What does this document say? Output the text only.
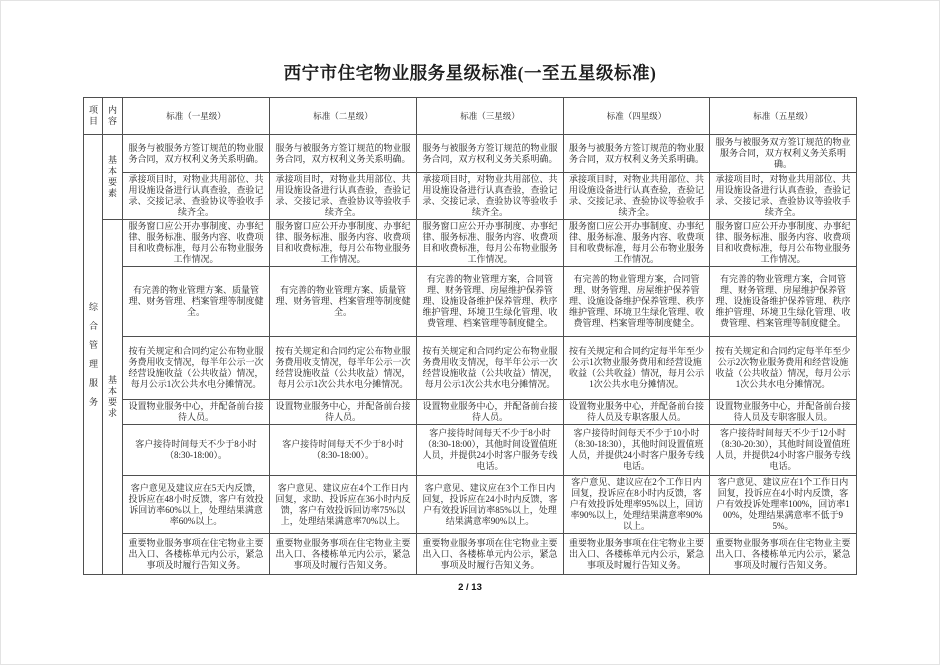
西宁市住宅物业服务星级标准(一至五星级标准)
项目	内容	标准（一星级）	标准（二星级）	标准（三星级）	标准（四星级）	标准（五星级）
综合管理服务	基本要素	服务与被服务方签订规范的物业服务合同，双方权利义务关系明确。	服务与被服务方签订规范的物业服务合同，双方权利义务关系明确。	服务与被服务方签订规范的物业服务合同，双方权利义务关系明确。	服务与被服务方签订规范的物业服务合同，双方权利义务关系明确。	服务与被服务双方签订规范的物业服务合同，双方权利义务关系明确。
		承接项目时，对物业共用部位、共用设施设备进行认真查验，查验记录、交接记录、查验协议等验收手续齐全。	承接项目时，对物业共用部位、共用设施设备进行认真查验，查验记录、交接记录、查验协议等验收手续齐全。	承接项目时，对物业共用部位、共用设施设备进行认真查验，查验记录、交接记录、查验协议等验收手续齐全。	承接项目时，对物业共用部位、共用设施设备进行认真查验，查验记录、交接记录、查验协议等验收手续齐全。	承接项目时，对物业共用部位、共用设施设备进行认真查验，查验记录、交接记录、查验协议等验收手续齐全。
	基本要求	服务窗口应公开办事制度、办事纪律、服务标准、服务内容、收费项目和收费标准，每月公布物业服务工作情况。	服务窗口应公开办事制度、办事纪律、服务标准、服务内容、收费项目和收费标准，每月公布物业服务工作情况。	服务窗口应公开办事制度、办事纪律、服务标准、服务内容、收费项目和收费标准，每月公布物业服务工作情况。	服务窗口应公开办事制度、办事纪律、服务标准、服务内容、收费项目和收费标准，每月公布物业服务工作情况。	服务窗口应公开办事制度、办事纪律、服务标准、服务内容、收费项目和收费标准，每月公布物业服务工作情况。
		有完善的物业管理方案、质量管理、财务管理、档案管理等制度健全。	有完善的物业管理方案、质量管理、财务管理、档案管理等制度健全。	有完善的物业管理方案，合同管理、财务管理、房屋维护保养管理、设施设备维护保养管理、秩序维护管理、环境卫生绿化管理、收费管理、档案管理等制度健全。	有完善的物业管理方案，合同管理、财务管理、房屋维护保养管理、设施设备维护保养管理、秩序维护管理、环境卫生绿化管理、收费管理、档案管理等制度健全。	有完善的物业管理方案，合同管理、财务管理、房屋维护保养管理、设施设备维护保养管理、秩序维护管理、环境卫生绿化管理、收费管理、档案管理等制度健全。
		按有关规定和合同约定公布物业服务费用收支情况，每半年公示一次经营设施收益（公共收益）情况，每月公示1次公共水电分摊情况。	按有关规定和合同约定公布物业服务费用收支情况，每半年公示一次经营设施收益（公共收益）情况，每月公示1次公共水电分摊情况。	按有关规定和合同约定公布物业服务费用收支情况，每半年公示一次经营设施收益（公共收益）情况，每月公示1次公共水电分摊情况。	按有关规定和合同约定每半年至少公示1次物业服务费用和经营设施收益（公共收益）情况，每月公示1次公共水电分摊情况。	按有关规定和合同约定每半年至少公示2次物业服务费用和经营设施收益（公共收益）情况，每月公示1次公共水电分摊情况。
		设置物业服务中心，并配备前台接待人员。	设置物业服务中心，并配备前台接待人员。	设置物业服务中心，并配备前台接待人员。	设置物业服务中心，并配备前台接待人员及专职客服人员。	设置物业服务中心，并配备前台接待人员及专职客服人员。
		客户接待时间每天不少于8小时（8:30-18:00）。	客户接待时间每天不少于8小时（8:30-18:00）。	客户接待时间每天不少于8小时（8:30-18:00），其他时间设置值班人员，并提供24小时客户服务专线电话。	客户接待时间每天不少于10小时（8:30-18:30），其他时间设置值班人员，并提供24小时客户服务专线电话。	客户接待时间每天不少于12小时（8:30-20:30），其他时间设置值班人员，并提供24小时客户服务专线电话。
		客户意见及建议应在5天内反馈，投诉应在48小时反馈，客户有效投诉回访率60%以上，处理结果满意率60%以上。	客户意见、建议应在4个工作日内回复，求助、投诉应在36小时内反馈，客户有效投诉回访率75%以上，处理结果满意率70%以上。	客户意见、建议应在3个工作日内回复，投诉应在24小时内反馈，客户有效投诉回访率85%以上，处理结果满意率90%以上。	客户意见、建议应在2个工作日内回复，投诉应在8小时内反馈，客户有效投诉处理率95%以上，回访率90%以上，处理结果满意率90%以上。	客户意见、建议应在1个工作日内回复，投诉应在4小时内反馈，客户有效投诉处理率100%，回访率100%，处理结果满意率不低于95%。
		重要物业服务事项在住宅物业主要出入口、各楼栋单元内公示，紧急事项及时履行告知义务。	重要物业服务事项在住宅物业主要出入口、各楼栋单元内公示，紧急事项及时履行告知义务。	重要物业服务事项在住宅物业主要出入口、各楼栋单元内公示，紧急事项及时履行告知义务。	重要物业服务事项在住宅物业主要出入口、各楼栋单元内公示，紧急事项及时履行告知义务。	重要物业服务事项在住宅物业主要出入口、各楼栋单元内公示，紧急事项及时履行告知义务。
2 / 13
